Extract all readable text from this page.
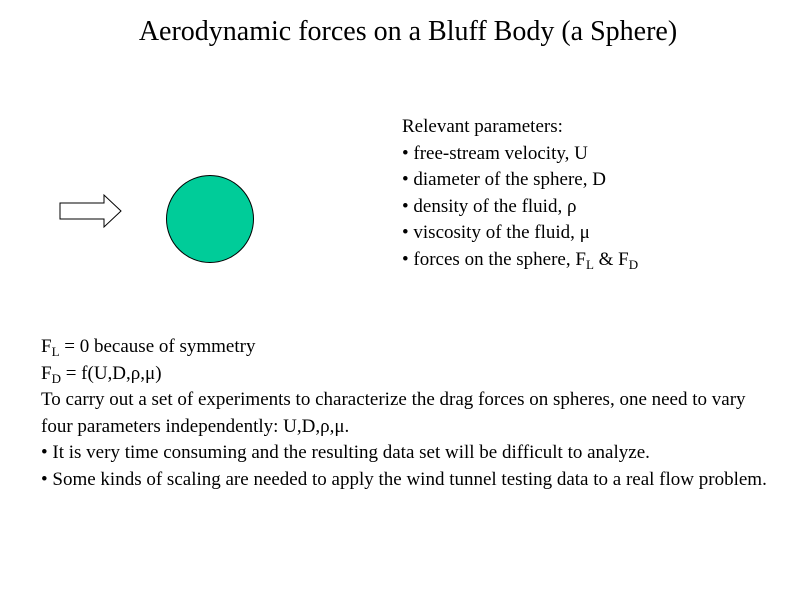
Aerodynamic forces on a Bluff Body (a Sphere)
Relevant parameters:
• free-stream velocity, U
• diameter of the sphere, D
• density of the fluid, ρ
• viscosity of the fluid, μ
• forces on the sphere, $F_L$ & $F_D$
$F_L = 0$ because of symmetry
$F_D = f(U,D,\rho,\mu)$
To carry out a set of experiments to characterize the drag forces on spheres, one need to vary four parameters independently: U,D,ρ,μ.
• It is very time consuming and the resulting data set will be difficult to analyze.
• Some kinds of scaling are needed to apply the wind tunnel testing data to a real flow problem.
